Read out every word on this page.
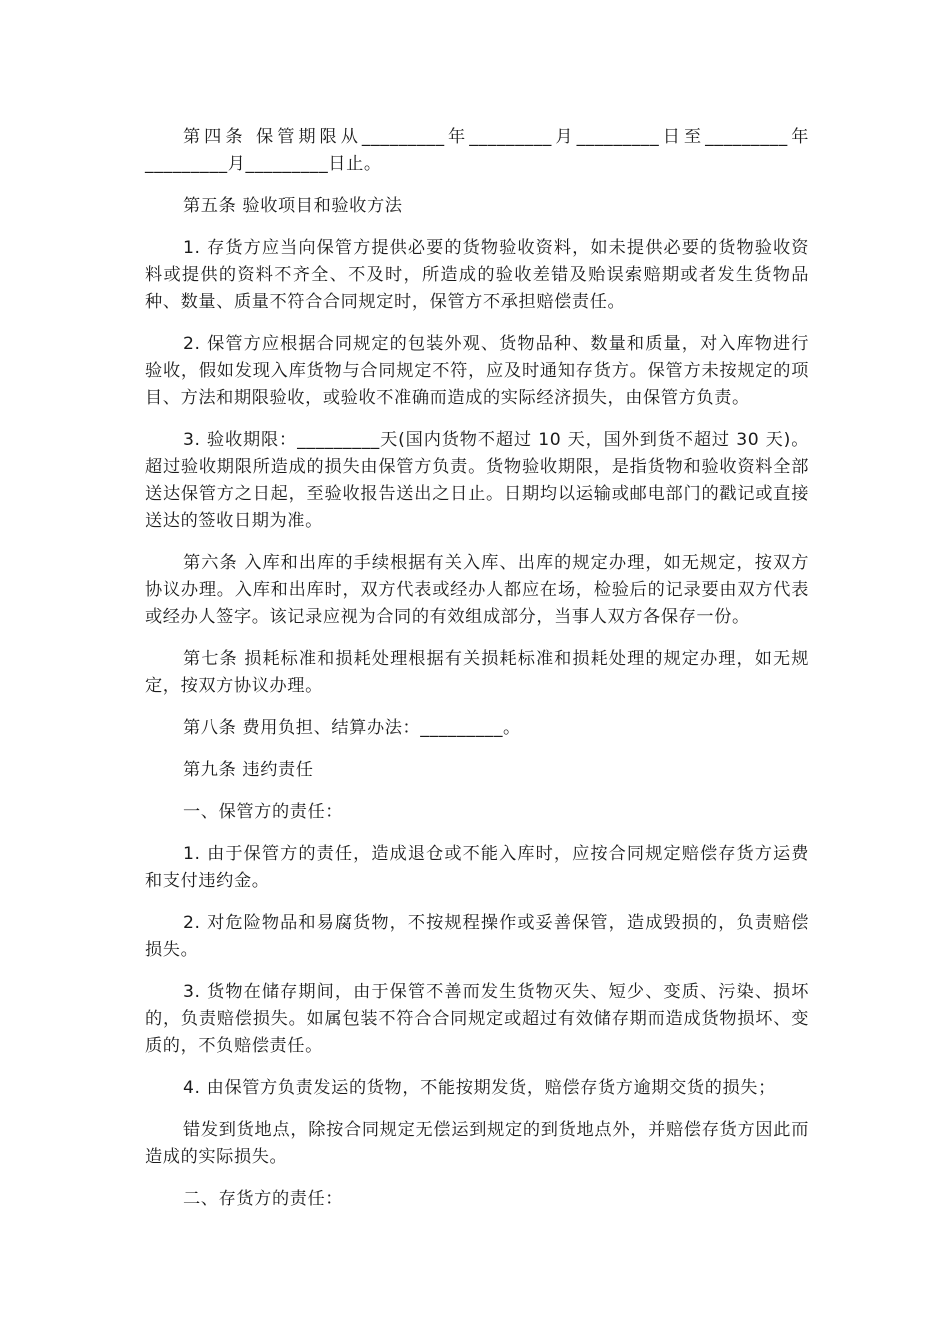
第四条 保管期限从_________年_________月_________日至_________年_________月_________日止。

第五条 验收项目和验收方法

1. 存货方应当向保管方提供必要的货物验收资料，如未提供必要的货物验收资料或提供的资料不齐全、不及时，所造成的验收差错及贻误索赔期或者发生货物品种、数量、质量不符合合同规定时，保管方不承担赔偿责任。

2. 保管方应根据合同规定的包装外观、货物品种、数量和质量，对入库物进行验收，假如发现入库货物与合同规定不符，应及时通知存货方。保管方未按规定的项目、方法和期限验收，或验收不准确而造成的实际经济损失，由保管方负责。

3. 验收期限：_________天(国内货物不超过 10 天，国外到货不超过 30 天)。超过验收期限所造成的损失由保管方负责。货物验收期限，是指货物和验收资料全部送达保管方之日起，至验收报告送出之日止。日期均以运输或邮电部门的戳记或直接送达的签收日期为准。

第六条 入库和出库的手续根据有关入库、出库的规定办理，如无规定，按双方协议办理。入库和出库时，双方代表或经办人都应在场，检验后的记录要由双方代表或经办人签字。该记录应视为合同的有效组成部分，当事人双方各保存一份。

第七条 损耗标准和损耗处理根据有关损耗标准和损耗处理的规定办理，如无规定，按双方协议办理。

第八条 费用负担、结算办法：_________。

第九条 违约责任

一、保管方的责任：

1. 由于保管方的责任，造成退仓或不能入库时，应按合同规定赔偿存货方运费和支付违约金。

2. 对危险物品和易腐货物，不按规程操作或妥善保管，造成毁损的，负责赔偿损失。

3. 货物在储存期间，由于保管不善而发生货物灭失、短少、变质、污染、损坏的，负责赔偿损失。如属包装不符合合同规定或超过有效储存期而造成货物损坏、变质的，不负赔偿责任。

4. 由保管方负责发运的货物，不能按期发货，赔偿存货方逾期交货的损失；

错发到货地点，除按合同规定无偿运到规定的到货地点外，并赔偿存货方因此而造成的实际损失。

二、存货方的责任：
